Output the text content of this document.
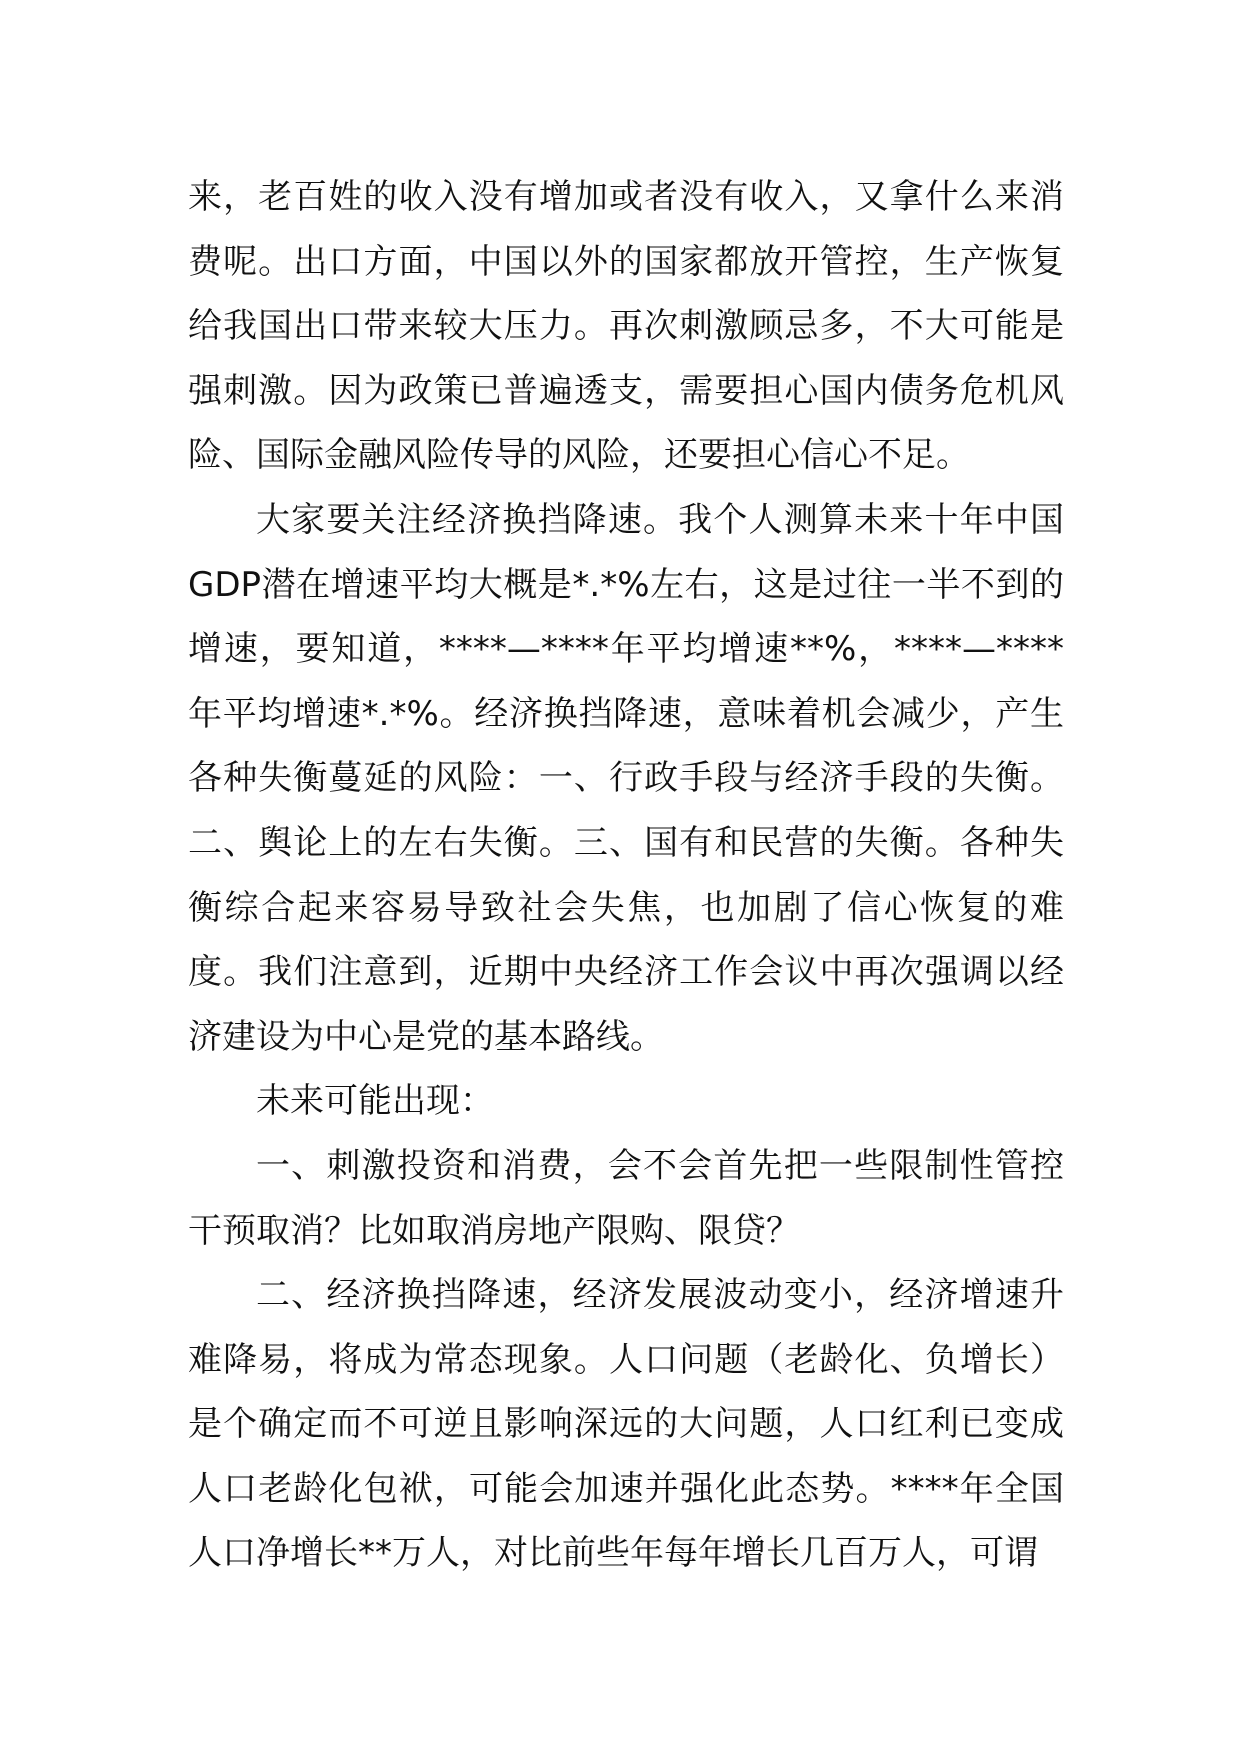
来，老百姓的收入没有增加或者没有收入，又拿什么来消费呢。出口方面，中国以外的国家都放开管控，生产恢复给我国出口带来较大压力。再次刺激顾忌多，不大可能是强刺激。因为政策已普遍透支，需要担心国内债务危机风险、国际金融风险传导的风险，还要担心信心不足。

大家要关注经济换挡降速。我个人测算未来十年中国GDP潜在增速平均大概是*.*%左右，这是过往一半不到的增速，要知道，****—****年平均增速**%，****—****年平均增速*.*%。经济换挡降速，意味着机会减少，产生各种失衡蔓延的风险：一、行政手段与经济手段的失衡。二、舆论上的左右失衡。三、国有和民营的失衡。各种失衡综合起来容易导致社会失焦，也加剧了信心恢复的难度。我们注意到，近期中央经济工作会议中再次强调以经济建设为中心是党的基本路线。

未来可能出现：

一、刺激投资和消费，会不会首先把一些限制性管控干预取消？比如取消房地产限购、限贷？

二、经济换挡降速，经济发展波动变小，经济增速升难降易，将成为常态现象。人口问题（老龄化、负增长）是个确定而不可逆且影响深远的大问题，人口红利已变成人口老龄化包袱，可能会加速并强化此态势。****年全国人口净增长**万人，对比前些年每年增长几百万人，可谓
